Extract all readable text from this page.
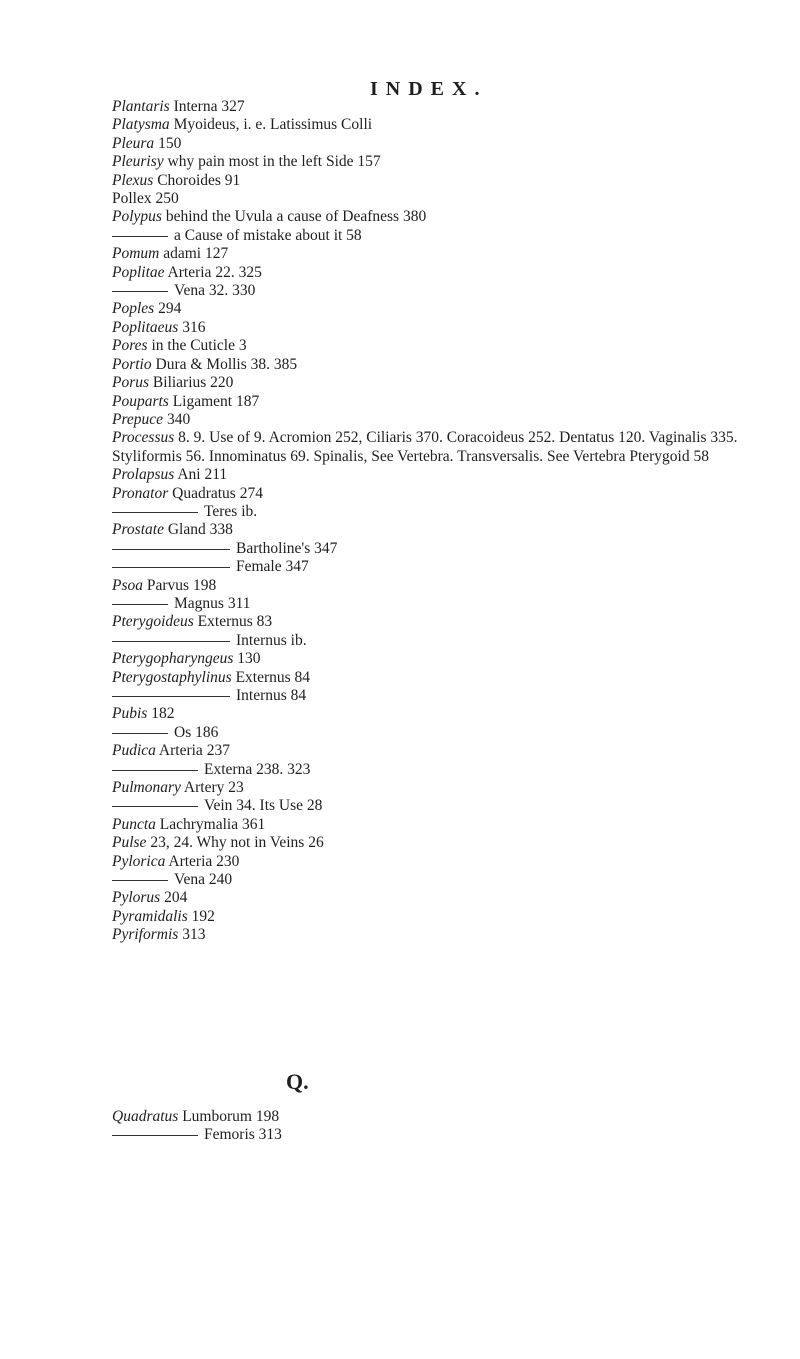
INDEX.
Plantaris Interna 327
Platysma Myoideus, i. e. Latissimus Colli
Pleura 150
Pleurisy why pain most in the left Side 157
Plexus Choroides 91
Pollex 250
Polypus behind the Uvula a cause of Deafness 380
a Cause of mistake about it 58
Pomum adami 127
Poplitae Arteria 22. 325
Vena 32. 330
Poples 294
Poplitaeus 316
Pores in the Cuticle 3
Portio Dura & Mollis 38. 385
Porus Biliarius 220
Pouparts Ligament 187
Prepuce 340
Processus 8. 9. Use of 9. Acromion 252, Ciliaris 370. Coracoideus 252. Dentatus 120. Vaginalis 335. Styliformis 56. Innominatus 69. Spinalis, See Vertebra. Transversalis. See Vertebra Pterygoid 58
Prolapsus Ani 211
Pronator Quadratus 274
Teres ib.
Prostate Gland 338
Bartholine's 347
Female 347
Psoa Parvus 198
Magnus 311
Pterygoideus Externus 83
Internus ib.
Pterygopharyngeus 130
Pterygostaphylinus Externus 84
Internus 84
Pubis 182
Os 186
Pudica Arteria 237
Externa 238. 323
Pulmonary Artery 23
Vein 34. Its Use 28
Puncta Lachrymalia 361
Pulse 23, 24. Why not in Veins 26
Pylorica Arteria 230
Vena 240
Pylorus 204
Pyramidalis 192
Pyriformis 313
Q.
Quadratus Lumborum 198
Femoris 313
